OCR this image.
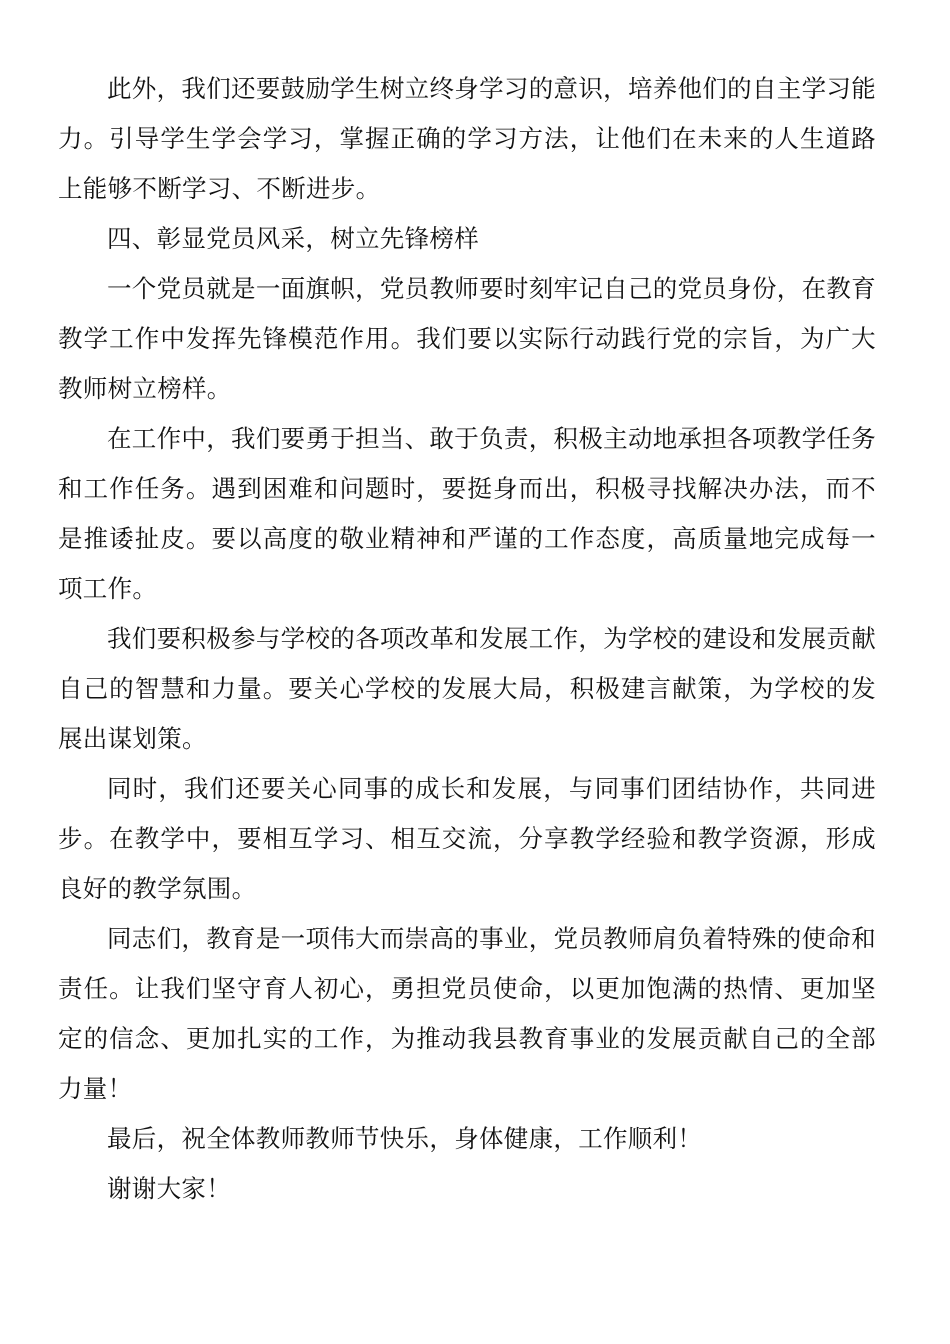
此外，我们还要鼓励学生树立终身学习的意识，培养他们的自主学习能力。引导学生学会学习，掌握正确的学习方法，让他们在未来的人生道路上能够不断学习、不断进步。

四、彰显党员风采，树立先锋榜样

一个党员就是一面旗帜，党员教师要时刻牢记自己的党员身份，在教育教学工作中发挥先锋模范作用。我们要以实际行动践行党的宗旨，为广大教师树立榜样。

在工作中，我们要勇于担当、敢于负责，积极主动地承担各项教学任务和工作任务。遇到困难和问题时，要挺身而出，积极寻找解决办法，而不是推诿扯皮。要以高度的敬业精神和严谨的工作态度，高质量地完成每一项工作。

我们要积极参与学校的各项改革和发展工作，为学校的建设和发展贡献自己的智慧和力量。要关心学校的发展大局，积极建言献策，为学校的发展出谋划策。

同时，我们还要关心同事的成长和发展，与同事们团结协作，共同进步。在教学中，要相互学习、相互交流，分享教学经验和教学资源，形成良好的教学氛围。

同志们，教育是一项伟大而崇高的事业，党员教师肩负着特殊的使命和责任。让我们坚守育人初心，勇担党员使命，以更加饱满的热情、更加坚定的信念、更加扎实的工作，为推动我县教育事业的发展贡献自己的全部力量！

最后，祝全体教师教师节快乐，身体健康，工作顺利！

谢谢大家！
